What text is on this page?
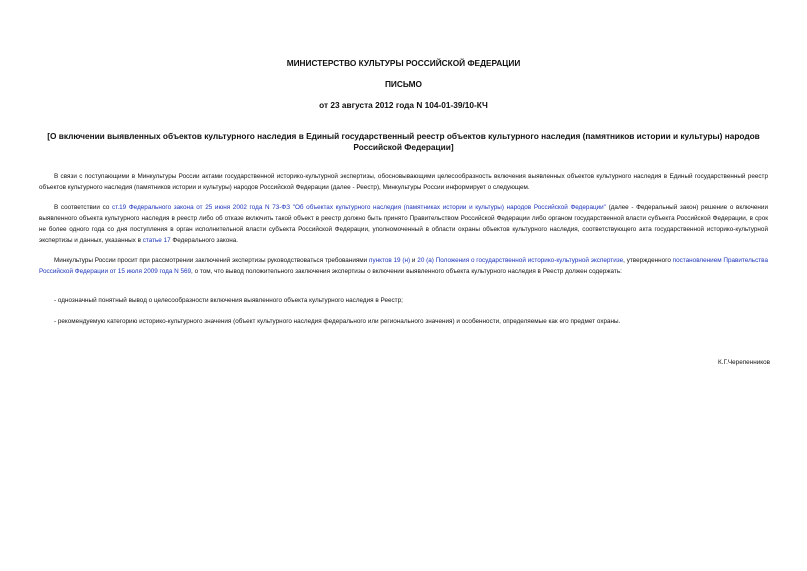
МИНИСТЕРСТВО КУЛЬТУРЫ РОССИЙСКОЙ ФЕДЕРАЦИИ

ПИСЬМО

от 23 августа 2012 года N 104-01-39/10-КЧ

[О включении выявленных объектов культурного наследия в Единый государственный реестр объектов культурного наследия (памятников истории и культуры) народов Российской Федерации]

В связи с поступающими в Минкультуры России актами государственной историко-культурной экспертизы, обосновывающими целесообразность включения выявленных объектов культурного наследия в Единый государственный реестр объектов культурного наследия (памятников истории и культуры) народов Российской Федерации (далее - Реестр), Минкультуры России информирует о следующем.

В соответствии со ст.19 Федерального закона от 25 июня 2002 года N 73-ФЗ "Об объектах культурного наследия (памятниках истории и культуры) народов Российской Федерации" (далее - Федеральный закон) решение о включении выявленного объекта культурного наследия в реестр либо об отказе включить такой объект в реестр должно быть принято Правительством Российской Федерации либо органом государственной власти субъекта Российской Федерации, в срок не более одного года со дня поступления в орган исполнительной власти субъекта Российской Федерации, уполномоченный в области охраны объектов культурного наследия, соответствующего акта государственной историко-культурной экспертизы и данных, указанных в статье 17 Федерального закона.

Минкультуры России просит при рассмотрении заключений экспертизы руководствоваться требованиями пунктов 19 (н) и 20 (а) Положения о государственной историко-культурной экспертизе, утвержденного постановлением Правительства Российской Федерации от 15 июля 2009 года N 569, о том, что вывод положительного заключения экспертизы о включении выявленного объекта культурного наследия в Реестр должен содержать:

- однозначный понятный вывод о целесообразности включения выявленного объекта культурного наследия в Реестр;

- рекомендуемую категорию историко-культурного значения (объект культурного наследия федерального или регионального значения) и особенности, определяемые как его предмет охраны.

К.Г.Черепенников
